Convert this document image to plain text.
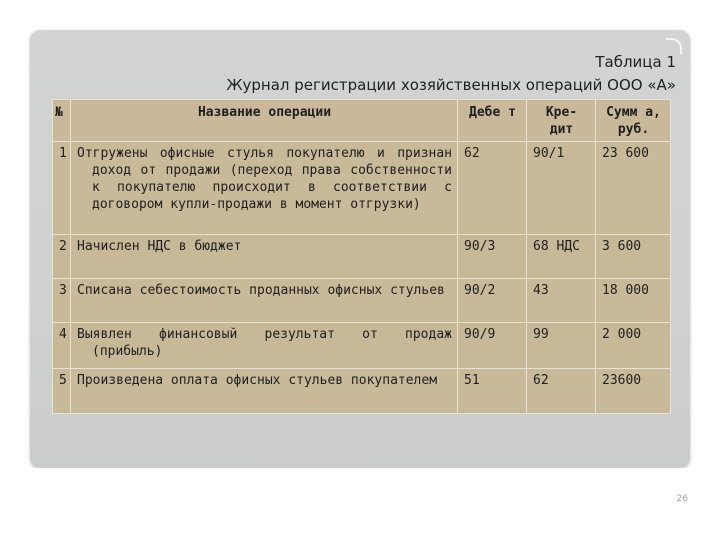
Таблица 1
Журнал регистрации хозяйственных операций ООО «А»
№	Название операции	Дебе т	Кре- дит	Сумм а, руб.
1	Отгружены офисные стулья покупателю и признан доход от продажи (переход права собственности к покупателю происходит в соответствии с договором купли-продажи в момент отгрузки)	62	90/1	23 600
2	Начислен НДС в бюджет	90/3	68 НДС	3 600
3	Списана себестоимость проданных офисных стульев	90/2	43	18 000
4	Выявлен финансовый результат от продаж (прибыль)	90/9	99	2 000
5	Произведена оплата офисных стульев покупателем	51	62	23600
26
